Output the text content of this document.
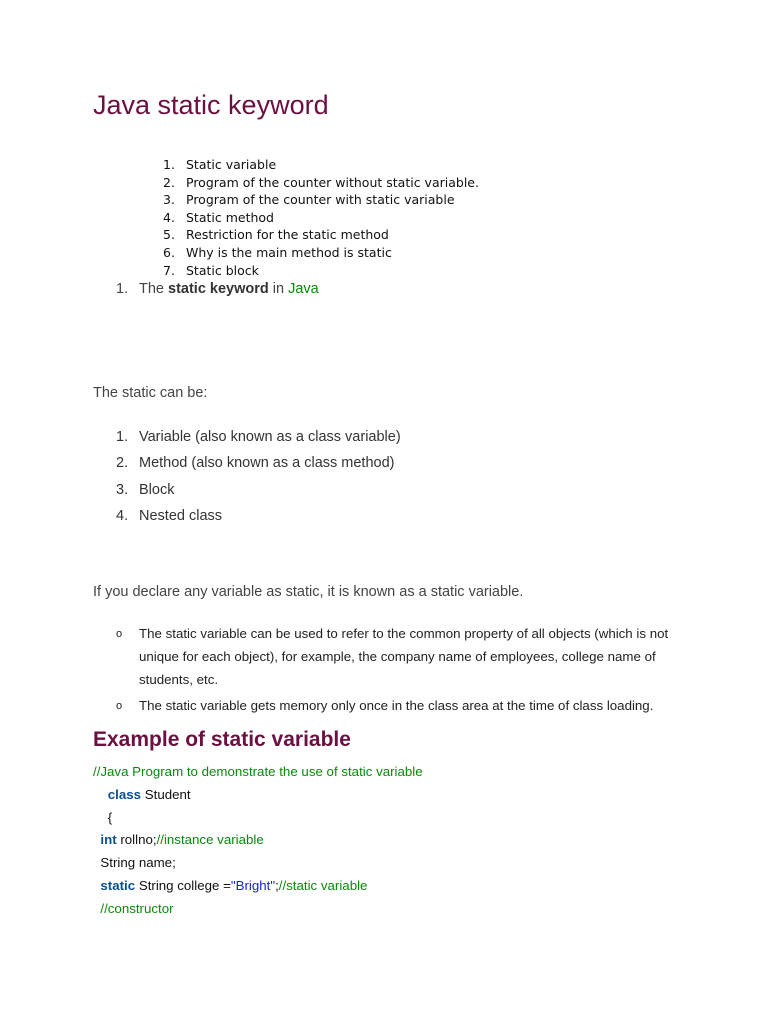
Java static keyword
1. Static variable
2. Program of the counter without static variable.
3. Program of the counter with static variable
4. Static method
5. Restriction for the static method
6. Why is the main method is static
7. Static block
1. The static keyword in Java
The static can be:
1. Variable (also known as a class variable)
2. Method (also known as a class method)
3. Block
4. Nested class
If you declare any variable as static, it is known as a static variable.
o The static variable can be used to refer to the common property of all objects (which is not unique for each object), for example, the company name of employees, college name of students, etc.
o The static variable gets memory only once in the class area at the time of class loading.
Example of static variable
//Java Program to demonstrate the use of static variable
class Student
{
int rollno;//instance variable
String name;
static String college ="Bright";//static variable
//constructor
